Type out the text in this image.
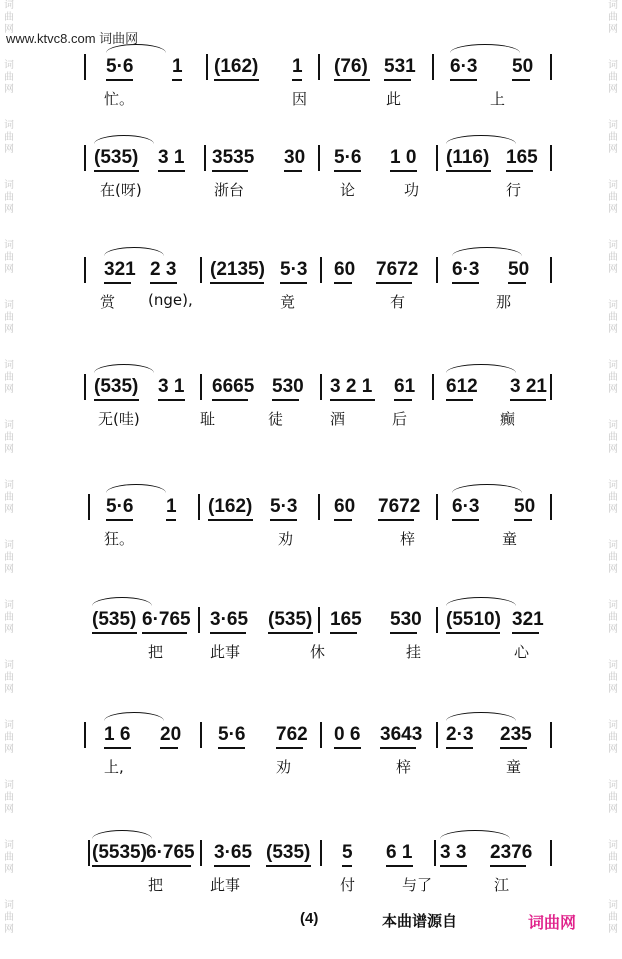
词
曲
网
词
曲
网
词
曲
网
词
曲
网
词
曲
网
词
曲
网
词
曲
网
词
曲
网
词
曲
网
词
曲
网
词
曲
网
词
曲
网
词
曲
网
词
曲
网
词
曲
网
词
曲
网
词
曲
网
词
曲
网
词
曲
网
词
曲
网
词
曲
网
词
曲
网
词
曲
网
词
曲
网
词
曲
网
词
曲
网
词
曲
网
词
曲
网
词
曲
网
词
曲
网
词
曲
网
词
曲
网
www.ktvc8.com 词曲网
5·6 1 (162) 1 (76) 531 6·3 50
忙。	因	此	上
(535) 3 1 3535 30 5·6 1 0 (116) 165
在(呀)	浙台	论	功	行
321 2 3 (2135) 5·3 60 7672 6·3 50
赏 (nge),	竟	有	那
(535) 3 1 6665 530 3 2 1 61 612 3 21
无(哇)	耻	徒	酒	后	癫
5·6 1 (162) 5·3 60 7672 6·3 50
狂。	劝	梓	童
(535) 6·765 3·65 (535) 165 530 (5510) 321
把	此事	休	挂	心
1 6 20 5·6 762 0 6 3643 2·3 235
上,	劝	梓	童
(5535) 6·765 3·65 (535) 5 6 1 3 3 2376
把	此事	付	与了	江
(4)	本曲谱源自	词曲网
